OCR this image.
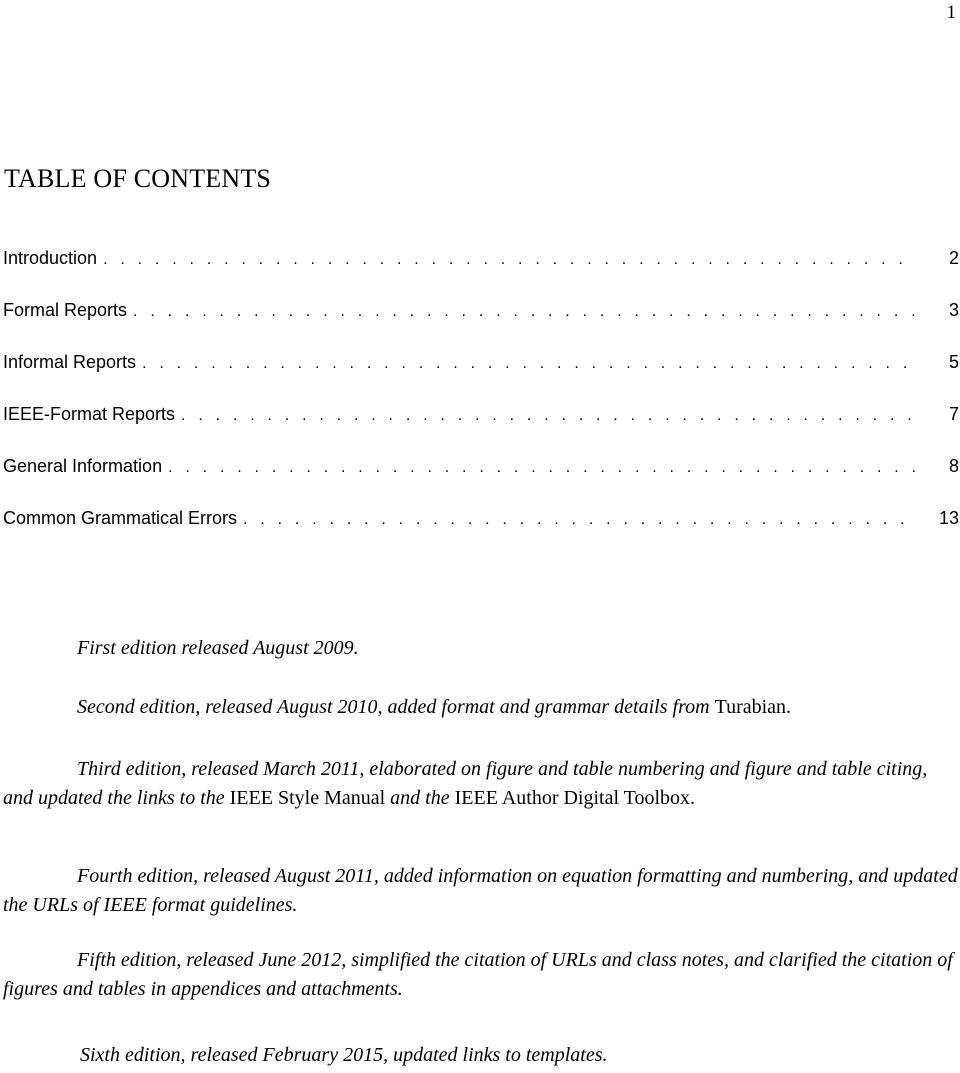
1
TABLE OF CONTENTS
Introduction . . .	2
Formal Reports . . .	3
Informal Reports . . .	5
IEEE-Format Reports . . .	7
General Information . . .	8
Common Grammatical Errors . . .	13

First edition released August 2009.

Second edition, released August 2010, added format and grammar details from Turabian.

Third edition, released March 2011, elaborated on figure and table numbering and figure and table citing, and updated the links to the IEEE Style Manual and the IEEE Author Digital Toolbox.

Fourth edition, released August 2011, added information on equation formatting and numbering, and updated the URLs of IEEE format guidelines.

Fifth edition, released June 2012, simplified the citation of URLs and class notes, and clarified the citation of figures and tables in appendices and attachments.

Sixth edition, released February 2015, updated links to templates.
